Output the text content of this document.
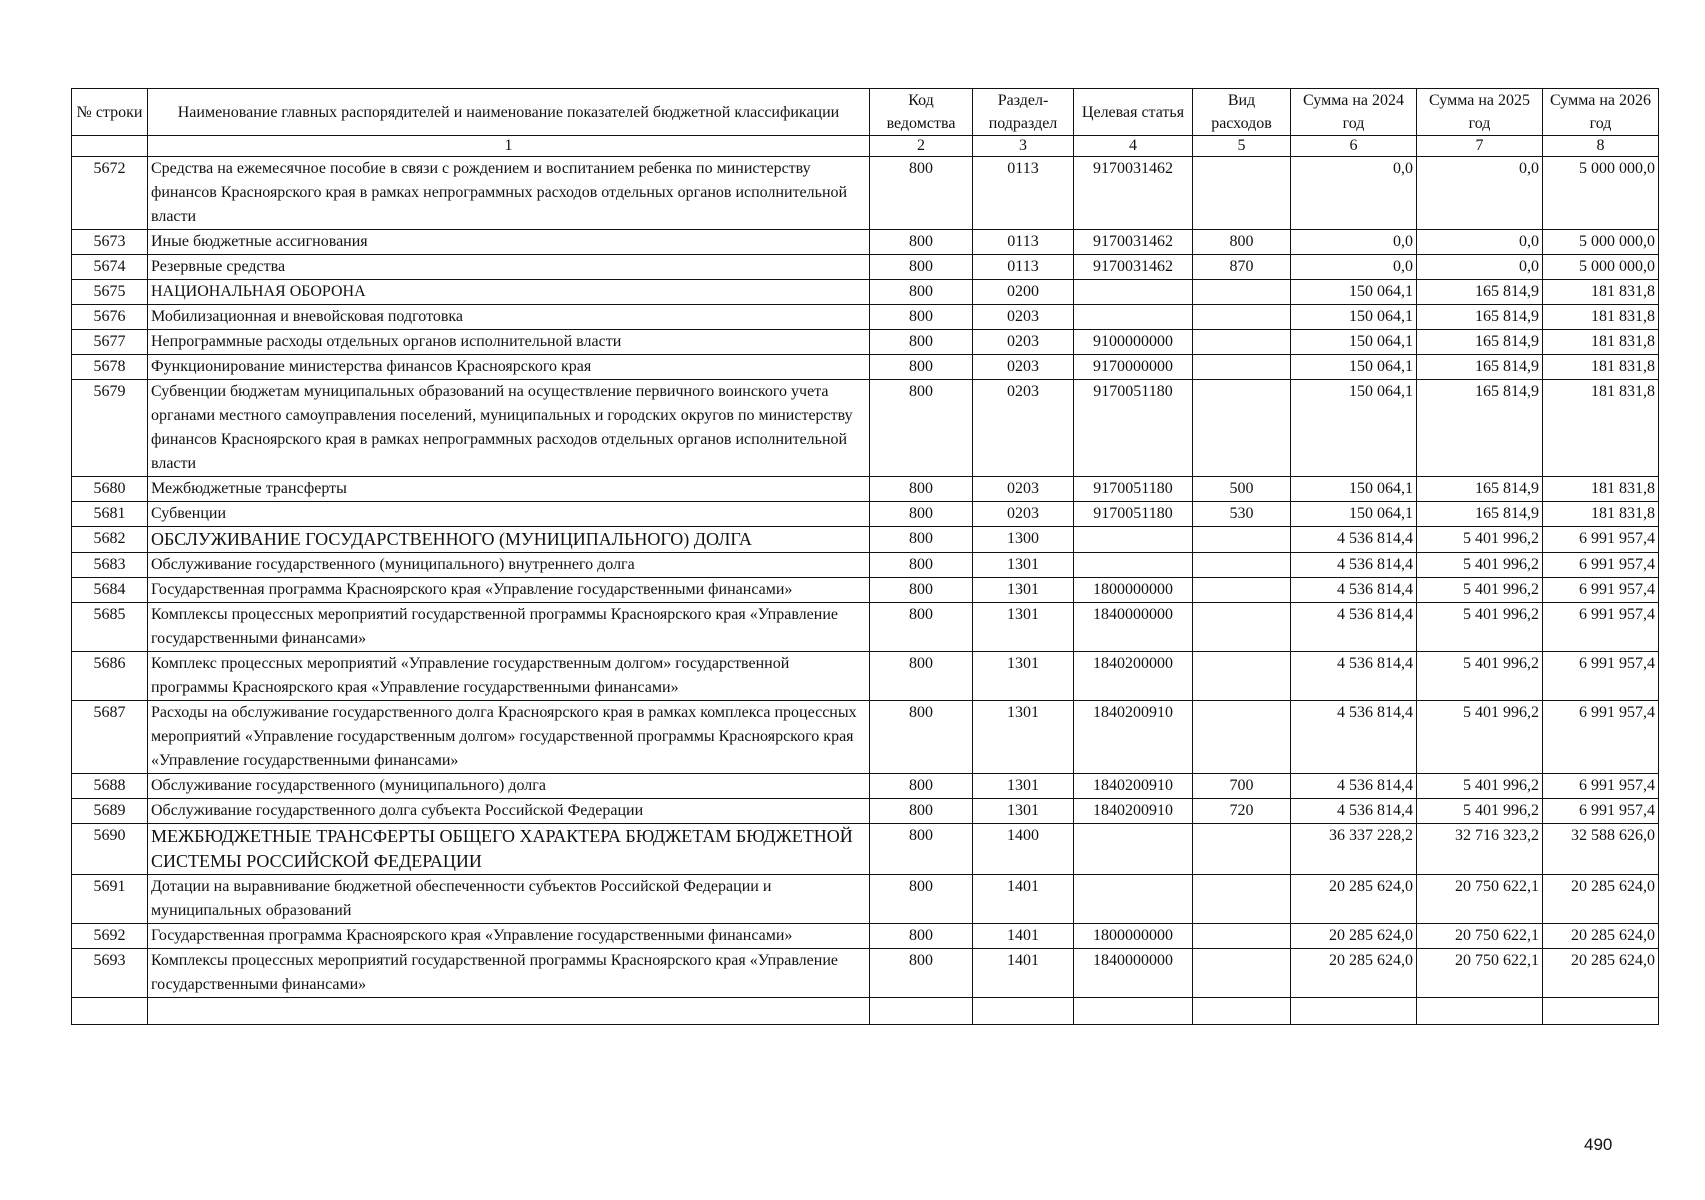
№ строки	Наименование главных распорядителей и наименование показателей бюджетной классификации	Код ведомства	Раздел-подраздел	Целевая статья	Вид расходов	Сумма на 2024 год	Сумма на 2025 год	Сумма на 2026 год
	1	2	3	4	5	6	7	8
5672	Средства на ежемесячное пособие в связи с рождением и воспитанием ребенка по министерству финансов Красноярского края в рамках непрограммных расходов отдельных органов исполнительной власти	800	0113	9170031462		0,0	0,0	5 000 000,0
5673	Иные бюджетные ассигнования	800	0113	9170031462	800	0,0	0,0	5 000 000,0
5674	Резервные средства	800	0113	9170031462	870	0,0	0,0	5 000 000,0
5675	НАЦИОНАЛЬНАЯ ОБОРОНА	800	0200			150 064,1	165 814,9	181 831,8
5676	Мобилизационная и вневойсковая подготовка	800	0203			150 064,1	165 814,9	181 831,8
5677	Непрограммные расходы отдельных органов исполнительной власти	800	0203	9100000000		150 064,1	165 814,9	181 831,8
5678	Функционирование министерства финансов Красноярского края	800	0203	9170000000		150 064,1	165 814,9	181 831,8
5679	Субвенции бюджетам муниципальных образований на осуществление первичного воинского учета органами местного самоуправления поселений, муниципальных и городских округов по министерству финансов Красноярского края в рамках непрограммных расходов отдельных органов исполнительной власти	800	0203	9170051180		150 064,1	165 814,9	181 831,8
5680	Межбюджетные трансферты	800	0203	9170051180	500	150 064,1	165 814,9	181 831,8
5681	Субвенции	800	0203	9170051180	530	150 064,1	165 814,9	181 831,8
5682	ОБСЛУЖИВАНИЕ ГОСУДАРСТВЕННОГО (МУНИЦИПАЛЬНОГО) ДОЛГА	800	1300			4 536 814,4	5 401 996,2	6 991 957,4
5683	Обслуживание государственного (муниципального) внутреннего долга	800	1301			4 536 814,4	5 401 996,2	6 991 957,4
5684	Государственная программа Красноярского края «Управление государственными финансами»	800	1301	1800000000		4 536 814,4	5 401 996,2	6 991 957,4
5685	Комплексы процессных мероприятий государственной программы Красноярского края «Управление государственными финансами»	800	1301	1840000000		4 536 814,4	5 401 996,2	6 991 957,4
5686	Комплекс процессных мероприятий «Управление государственным долгом» государственной программы Красноярского края «Управление государственными финансами»	800	1301	1840200000		4 536 814,4	5 401 996,2	6 991 957,4
5687	Расходы на обслуживание государственного долга Красноярского края в рамках комплекса процессных мероприятий «Управление государственным долгом» государственной программы Красноярского края «Управление государственными финансами»	800	1301	1840200910		4 536 814,4	5 401 996,2	6 991 957,4
5688	Обслуживание государственного (муниципального) долга	800	1301	1840200910	700	4 536 814,4	5 401 996,2	6 991 957,4
5689	Обслуживание государственного долга субъекта Российской Федерации	800	1301	1840200910	720	4 536 814,4	5 401 996,2	6 991 957,4
5690	МЕЖБЮДЖЕТНЫЕ ТРАНСФЕРТЫ ОБЩЕГО ХАРАКТЕРА БЮДЖЕТАМ БЮДЖЕТНОЙ СИСТЕМЫ РОССИЙСКОЙ ФЕДЕРАЦИИ	800	1400			36 337 228,2	32 716 323,2	32 588 626,0
5691	Дотации на выравнивание бюджетной обеспеченности субъектов Российской Федерации и муниципальных образований	800	1401			20 285 624,0	20 750 622,1	20 285 624,0
5692	Государственная программа Красноярского края «Управление государственными финансами»	800	1401	1800000000		20 285 624,0	20 750 622,1	20 285 624,0
5693	Комплексы процессных мероприятий государственной программы Красноярского края «Управление государственными финансами»	800	1401	1840000000		20 285 624,0	20 750 622,1	20 285 624,0

490
